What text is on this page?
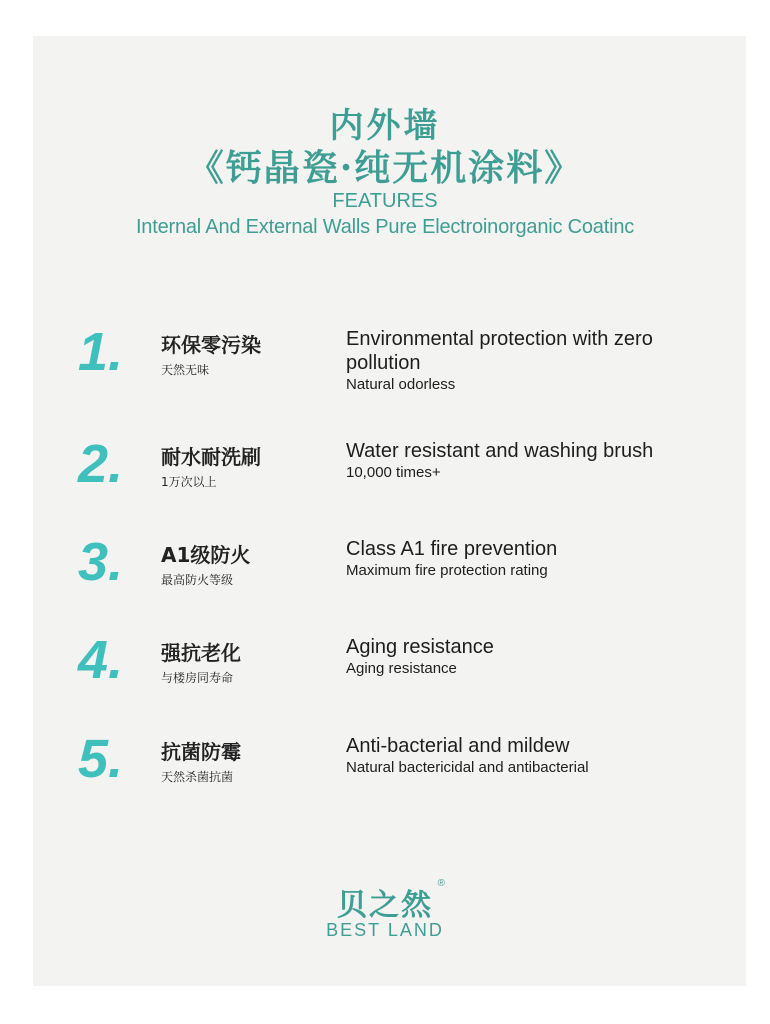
内外墙
《钙晶瓷·纯无机涂料》
FEATURES
Internal And External Walls Pure Electroinorganic Coatinc
1. 环保零污染
天然无味
Environmental protection with zero pollution
Natural odorless
2. 耐水耐洗刷
1万次以上
Water resistant and washing brush
10,000 times+
3. A1级防火
最高防火等级
Class A1 fire prevention
Maximum fire protection rating
4. 强抗老化
与楼房同寿命
Aging resistance
Aging resistance
5. 抗菌防霉
天然杀菌抗菌
Anti-bacterial and mildew
Natural bactericidal and antibacterial
贝之然
®
BEST LAND
